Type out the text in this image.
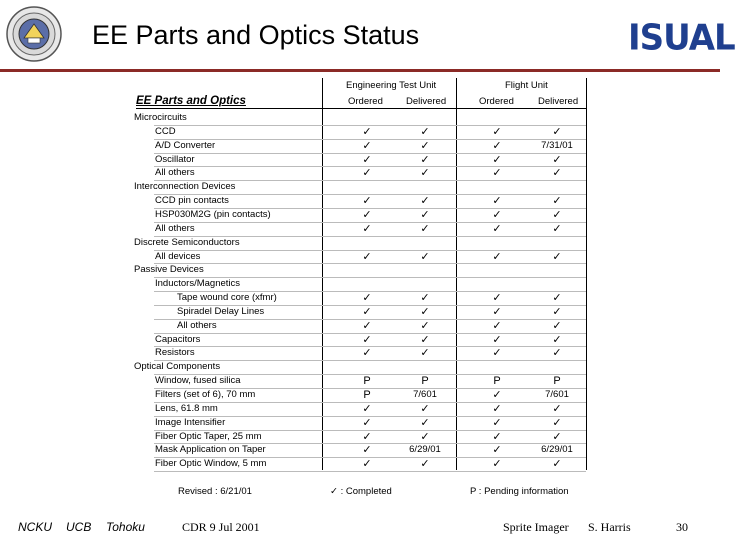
EE Parts and Optics Status	ISUAL
EE Parts and Optics
Engineering Test Unit	Flight Unit
Ordered Delivered	Ordered	Delivered
Microcircuits
CCD	✓	✓	✓	✓
A/D Converter	✓	✓	✓	7/31/01
Oscillator	✓	✓	✓	✓
All others	✓	✓	✓	✓
Interconnection Devices
CCD pin contacts	✓	✓	✓	✓
HSP030M2G (pin contacts)	✓	✓	✓	✓
All others	✓	✓	✓	✓
Discrete Semiconductors
All devices	✓	✓	✓	✓
Passive Devices
Inductors/Magnetics
Tape wound core (xfmr)	✓	✓	✓	✓
Spiradel Delay Lines	✓	✓	✓	✓
All others	✓	✓	✓	✓
Capacitors	✓	✓	✓	✓
Resistors	✓	✓	✓	✓
Optical Components
Window, fused silica	P	P	P	P
Filters (set of 6), 70 mm	P	7/601	✓	7/601
Lens, 61.8 mm	✓	✓	✓	✓
Image Intensifier	✓	✓	✓	✓
Fiber Optic Taper, 25 mm	✓	✓	✓	✓
Mask Application on Taper	✓	6/29/01	✓	6/29/01
Fiber Optic Window, 5 mm	✓	✓	✓	✓
Revised : 6/21/01	✓ : Completed	P : Pending information
NCKU UCB Tohoku	CDR 9 Jul 2001	Sprite Imager S. Harris	30
